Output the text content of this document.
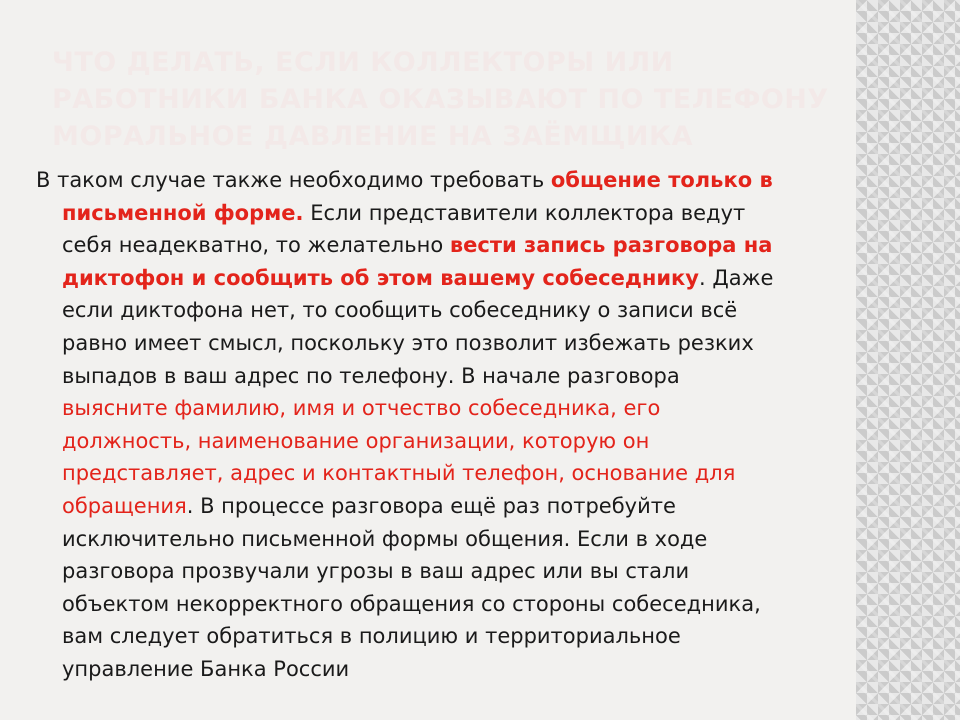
ЧТО ДЕЛАТЬ, ЕСЛИ КОЛЛЕКТОРЫ ИЛИ
РАБОТНИКИ БАНКА ОКАЗЫВАЮТ ПО ТЕЛЕФОНУ
МОРАЛЬНОЕ ДАВЛЕНИЕ НА ЗАЁМЩИКА
В таком случае также необходимо требовать общение только в
письменной форме. Если представители коллектора ведут
себя неадекватно, то желательно вести запись разговора на
диктофон и сообщить об этом вашему собеседнику. Даже
если диктофона нет, то сообщить собеседнику о записи всё
равно имеет смысл, поскольку это позволит избежать резких
выпадов в ваш адрес по телефону. В начале разговора
выясните фамилию, имя и отчество собеседника, его
должность, наименование организации, которую он
представляет, адрес и контактный телефон, основание для
обращения. В процессе разговора ещё раз потребуйте
исключительно письменной формы общения. Если в ходе
разговора прозвучали угрозы в ваш адрес или вы стали
объектом некорректного обращения со стороны собеседника,
вам следует обратиться в полицию и территориальное
управление Банка России
